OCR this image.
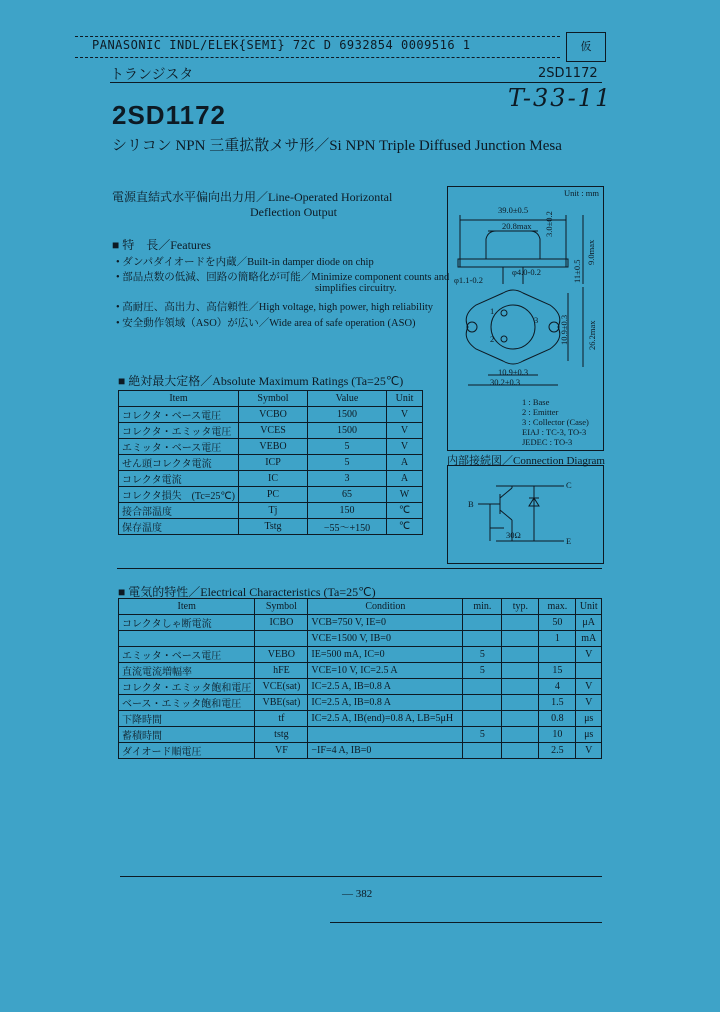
PANASONIC INDL/ELEK{SEMI} 72C D 6932854 0009516 1	仮
トランジスタ	2SD1172
T-33-11
2SD1172
シリコン NPN 三重拡散メサ形／Si NPN Triple Diffused Junction Mesa
電源直結式水平偏向出力用／Line-Operated Horizontal
Deflection Output
■ 特　長／Features
• ダンパダイオードを内蔵／Built-in damper diode on chip
• 部品点数の低減、回路の簡略化が可能／Minimize component counts and
simplifies circuitry.
• 高耐圧、高出力、高信頼性／High voltage, high power, high reliability
• 安全動作領域（ASO）が広い／Wide area of safe operation (ASO)
Unit : mm
39.0±0.5
20.8max 3.0±0.2
φ4.0-0.2
φ1.1-0.2	11±0.5
9.0max
10.9±0.3 26.2max
10.9±0.3
30.2±0.3
1
2
3
1 : Base
2 : Emitter
3 : Collector (Case)
EIAJ : TC-3, TO-3
JEDEC : TO-3
内部接続図／Connection Diagram
C
B
E
30Ω
■ 絶対最大定格／Absolute Maximum Ratings (Ta=25℃)
Item	Symbol	Value	Unit
コレクタ・ベース電圧	VCBO	1500	V
コレクタ・エミッタ電圧	VCES	1500	V
エミッタ・ベース電圧	VEBO	5	V
せん頭コレクタ電流	ICP	5	A
コレクタ電流	IC	3	A
コレクタ損失　(Tc=25℃)	PC	65	W
接合部温度	Tj	150	℃
保存温度	Tstg	−55〜+150	℃
■ 電気的特性／Electrical Characteristics (Ta=25℃)
Item	Symbol	Condition	min.	typ.	max.	Unit
コレクタしゃ断電流	ICBO	VCB=750 V, IE=0			50	μA
		VCE=1500 V, IB=0			1	mA
エミッタ・ベース電圧	VEBO	IE=500 mA, IC=0	5			V
直流電流増幅率	hFE	VCE=10 V, IC=2.5 A	5		15	
コレクタ・エミッタ飽和電圧	VCE(sat)	IC=2.5 A, IB=0.8 A			4	V
ベース・エミッタ飽和電圧	VBE(sat)	IC=2.5 A, IB=0.8 A			1.5	V
下降時間	tf	IC=2.5 A, IB(end)=0.8 A, LB=5μH			0.8	μs
蓄積時間	tstg		5		10	μs
ダイオード順電圧	VF	−IF=4 A, IB=0			2.5	V
— 382
